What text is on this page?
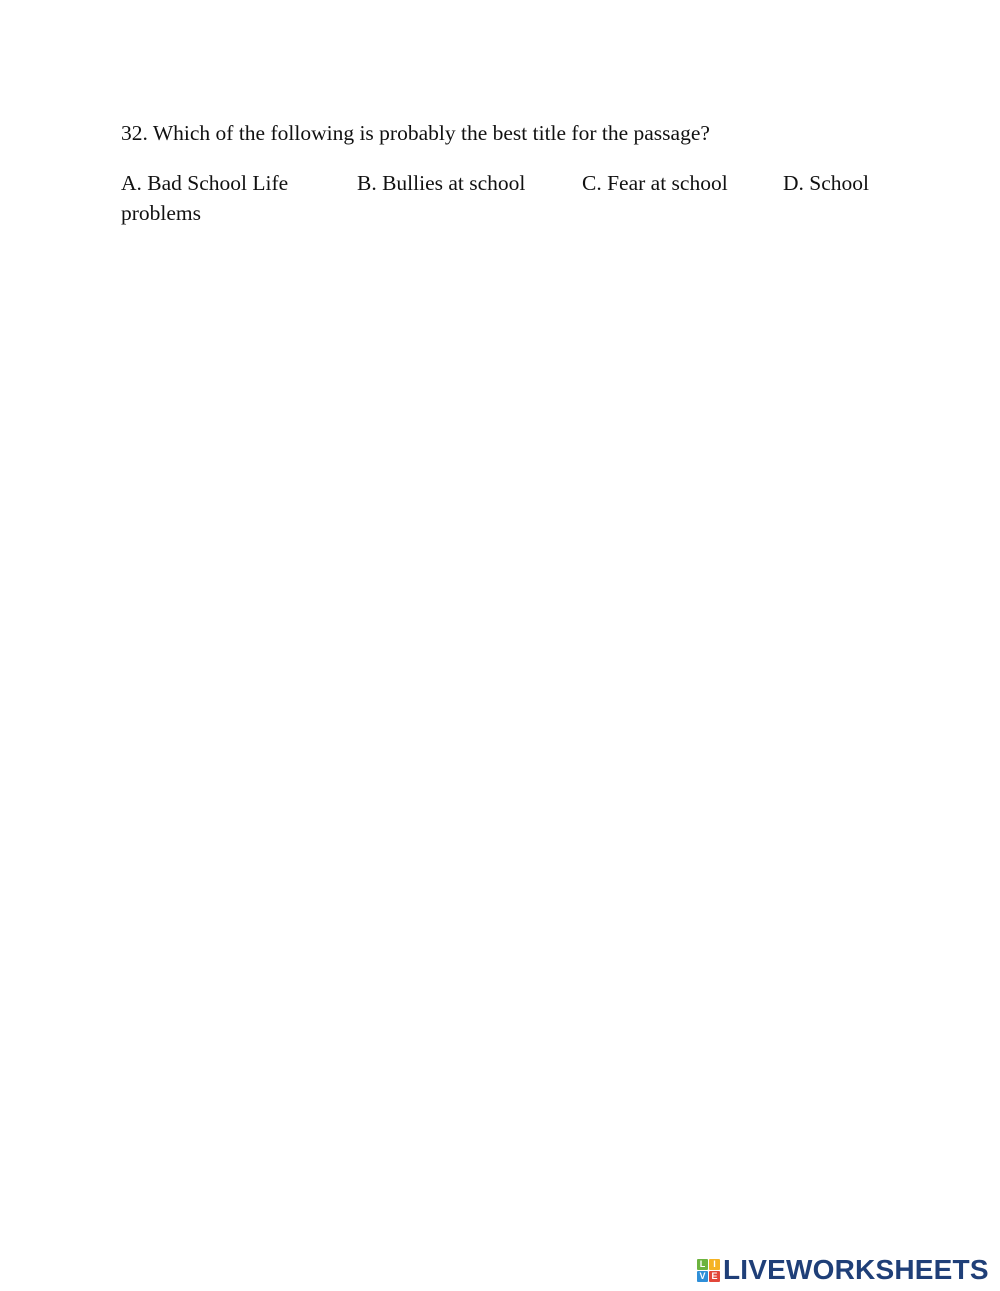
32. Which of the following is probably the best title for the passage?
A. Bad School Life	B. Bullies at school	C. Fear at school	D. School
problems
L I
V E LIVEWORKSHEETS
